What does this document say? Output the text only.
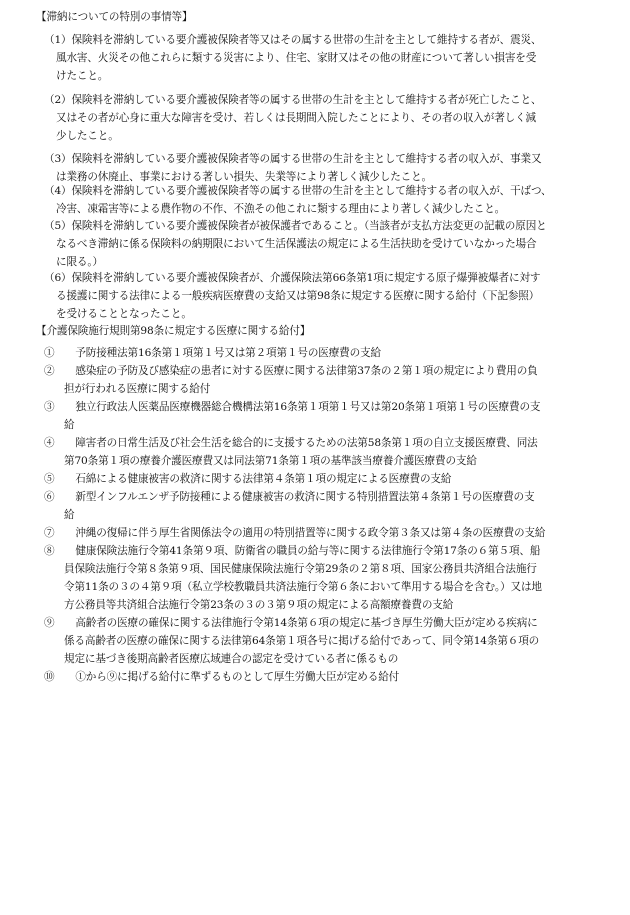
【滞納についての特別の事情等】
（1）保険料を滞納している要介護被保険者等又はその属する世帯の生計を主として維持する者が、震災、
風水害、火災その他これらに類する災害により、住宅、家財又はその他の財産について著しい損害を受
けたこと。
（2）保険料を滞納している要介護被保険者等の属する世帯の生計を主として維持する者が死亡したこと、
又はその者が心身に重大な障害を受け、若しくは長期間入院したことにより、その者の収入が著しく減
少したこと。
（3）保険料を滞納している要介護被保険者等の属する世帯の生計を主として維持する者の収入が、事業又
は業務の休廃止、事業における著しい損失、失業等により著しく減少したこと。
（4）保険料を滞納している要介護被保険者等の属する世帯の生計を主として維持する者の収入が、干ばつ、
冷害、凍霜害等による農作物の不作、不漁その他これに類する理由により著しく減少したこと。
（5）保険料を滞納している要介護被保険者が被保護者であること。（当該者が支払方法変更の記載の原因と
なるべき滞納に係る保険料の納期限において生活保護法の規定による生活扶助を受けていなかった場合
に限る。）
（6）保険料を滞納している要介護被保険者が、介護保険法第66条第1項に規定する原子爆弾被爆者に対す
る援護に関する法律による一般疾病医療費の支給又は第98条に規定する医療に関する給付（下記参照）
を受けることとなったこと。
【介護保険施行規則第98条に規定する医療に関する給付】
①　　予防接種法第16条第１項第１号又は第２項第１号の医療費の支給
②　　感染症の予防及び感染症の患者に対する医療に関する法律第37条の２第１項の規定により費用の負
担が行われる医療に関する給付
③　　独立行政法人医薬品医療機器総合機構法第16条第１項第１号又は第20条第１項第１号の医療費の支
給
④　　障害者の日常生活及び社会生活を総合的に支援するための法第58条第１項の自立支援医療費、同法
第70条第１項の療養介護医療費又は同法第71条第１項の基準該当療養介護医療費の支給
⑤　　石綿による健康被害の救済に関する法律第４条第１項の規定による医療費の支給
⑥　　新型インフルエンザ予防接種による健康被害の救済に関する特別措置法第４条第１号の医療費の支
給
⑦　　沖縄の復帰に伴う厚生省関係法令の適用の特別措置等に関する政令第３条又は第４条の医療費の支給
⑧　　健康保険法施行令第41条第９項、防衛省の職員の給与等に関する法律施行令第17条の６第５項、船
員保険法施行令第８条第９項、国民健康保険法施行令第29条の２第８項、国家公務員共済組合法施行
令第11条の３の４第９項（私立学校教職員共済法施行令第６条において準用する場合を含む。）又は地
方公務員等共済組合法施行令第23条の３の３第９項の規定による高額療養費の支給
⑨　　高齢者の医療の確保に関する法律施行令第14条第６項の規定に基づき厚生労働大臣が定める疾病に
係る高齢者の医療の確保に関する法律第64条第１項各号に掲げる給付であって、同令第14条第６項の
規定に基づき後期高齢者医療広域連合の認定を受けている者に係るもの
⑩　　①から⑨に掲げる給付に準ずるものとして厚生労働大臣が定める給付
